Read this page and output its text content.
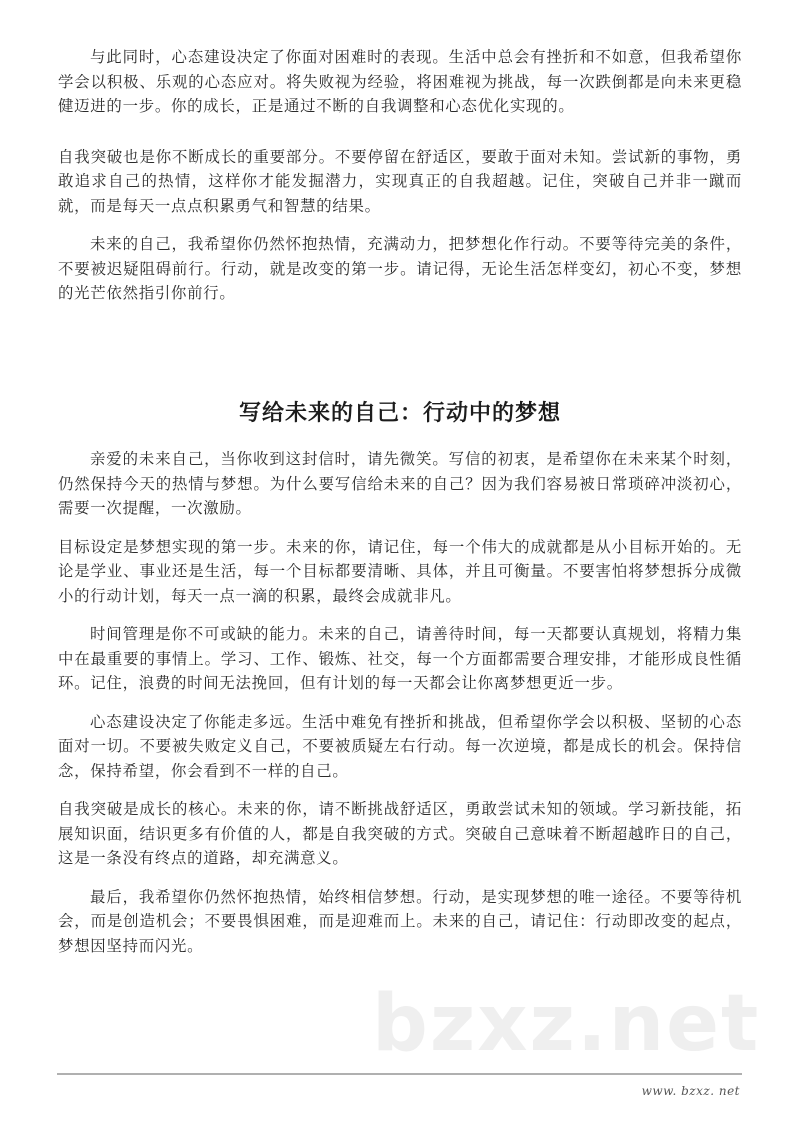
与此同时，心态建设决定了你面对困难时的表现。生活中总会有挫折和不如意，但我希望你学会以积极、乐观的心态应对。将失败视为经验，将困难视为挑战，每一次跌倒都是向未来更稳健迈进的一步。你的成长，正是通过不断的自我调整和心态优化实现的。

自我突破也是你不断成长的重要部分。不要停留在舒适区，要敢于面对未知。尝试新的事物，勇敢追求自己的热情，这样你才能发掘潜力，实现真正的自我超越。记住，突破自己并非一蹴而就，而是每天一点点积累勇气和智慧的结果。

未来的自己，我希望你仍然怀抱热情，充满动力，把梦想化作行动。不要等待完美的条件，不要被迟疑阻碍前行。行动，就是改变的第一步。请记得，无论生活怎样变幻，初心不变，梦想的光芒依然指引你前行。

写给未来的自己：行动中的梦想

亲爱的未来自己，当你收到这封信时，请先微笑。写信的初衷，是希望你在未来某个时刻，仍然保持今天的热情与梦想。为什么要写信给未来的自己？因为我们容易被日常琐碎冲淡初心，需要一次提醒，一次激励。

目标设定是梦想实现的第一步。未来的你，请记住，每一个伟大的成就都是从小目标开始的。无论是学业、事业还是生活，每一个目标都要清晰、具体，并且可衡量。不要害怕将梦想拆分成微小的行动计划，每天一点一滴的积累，最终会成就非凡。

时间管理是你不可或缺的能力。未来的自己，请善待时间，每一天都要认真规划，将精力集中在最重要的事情上。学习、工作、锻炼、社交，每一个方面都需要合理安排，才能形成良性循环。记住，浪费的时间无法挽回，但有计划的每一天都会让你离梦想更近一步。

心态建设决定了你能走多远。生活中难免有挫折和挑战，但希望你学会以积极、坚韧的心态面对一切。不要被失败定义自己，不要被质疑左右行动。每一次逆境，都是成长的机会。保持信念，保持希望，你会看到不一样的自己。

自我突破是成长的核心。未来的你，请不断挑战舒适区，勇敢尝试未知的领域。学习新技能，拓展知识面，结识更多有价值的人，都是自我突破的方式。突破自己意味着不断超越昨日的自己，这是一条没有终点的道路，却充满意义。

最后，我希望你仍然怀抱热情，始终相信梦想。行动，是实现梦想的唯一途径。不要等待机会，而是创造机会；不要畏惧困难，而是迎难而上。未来的自己，请记住：行动即改变的起点，梦想因坚持而闪光。

bzxz.net
www. bzxz. net
